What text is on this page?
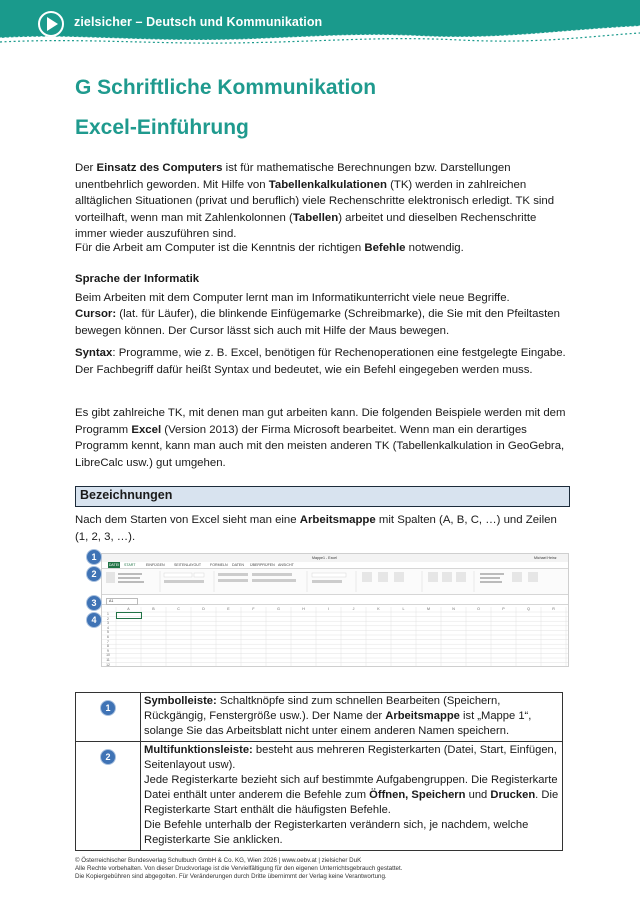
zielsicher – Deutsch und Kommunikation
G Schriftliche Kommunikation
Excel-Einführung

Der Einsatz des Computers ist für mathematische Berechnungen bzw. Darstellungen unentbehrlich geworden. Mit Hilfe von Tabellenkalkulationen (TK) werden in zahlreichen alltäglichen Situationen (privat und beruflich) viele Rechenschritte elektronisch erledigt. TK sind vorteilhaft, wenn man mit Zahlenkolonnen (Tabellen) arbeitet und dieselben Rechenschritte immer wieder auszuführen sind.

Für die Arbeit am Computer ist die Kenntnis der richtigen Befehle notwendig.

Sprache der Informatik

Beim Arbeiten mit dem Computer lernt man im Informatikunterricht viele neue Begriffe.

Cursor: (lat. für Läufer), die blinkende Einfügemarke (Schreibmarke), die Sie mit den Pfeiltasten bewegen können. Der Cursor lässt sich auch mit Hilfe der Maus bewegen.

Syntax: Programme, wie z. B. Excel, benötigen für Rechenoperationen eine festgelegte Eingabe. Der Fachbegriff dafür heißt Syntax und bedeutet, wie ein Befehl eingegeben werden muss.

Es gibt zahlreiche TK, mit denen man gut arbeiten kann. Die folgenden Beispiele werden mit dem Programm Excel (Version 2013) der Firma Microsoft bearbeitet. Wenn man ein derartiges Programm kennt, kann man auch mit den meisten anderen TK (Tabellenkalkulation in GeoGebra, LibreCalc usw.) gut umgehen.

Bezeichnungen

Nach dem Starten von Excel sieht man eine Arbeitsmappe mit Spalten (A, B, C, …) und Zeilen (1, 2, 3, …).

Mappe1 - Excel	Michael Heinz
DATEI START	EINFÜGEN	SEITENLAYOUT FORMELN DATEN ÜBERPRÜFEN ANSICHT
A1
A	B	C	D	E	F	G	H	I	J	K	L	M	N	O	P	Q	R
1
2
3
4
5
6
7
8
9
10
11
12
1
2
3
4
1	Symbolleiste: Schaltknöpfe sind zum schnellen Bearbeiten (Speichern, Rückgängig, Fenstergröße usw.). Der Name der Arbeitsmappe ist „Mappe 1“, solange Sie das Arbeitsblatt nicht unter einem anderen Namen speichern.
2	Multifunktionsleiste: besteht aus mehreren Registerkarten (Datei, Start, Einfügen, Seitenlayout usw).
Jede Registerkarte bezieht sich auf bestimmte Aufgabengruppen. Die Registerkarte Datei enthält unter anderem die Befehle zum Öffnen, Speichern und Drucken. Die Registerkarte Start enthält die häufigsten Befehle.
Die Befehle unterhalb der Registerkarten verändern sich, je nachdem, welche Registerkarte Sie anklicken.
© Österreichischer Bundesverlag Schulbuch GmbH & Co. KG, Wien 2026 | www.oebv.at | zielsicher DuK
Alle Rechte vorbehalten. Von dieser Druckvorlage ist die Vervielfältigung für den eigenen Unterrichtsgebrauch gestattet.
Die Kopiergebühren sind abgegolten. Für Veränderungen durch Dritte übernimmt der Verlag keine Verantwortung.
